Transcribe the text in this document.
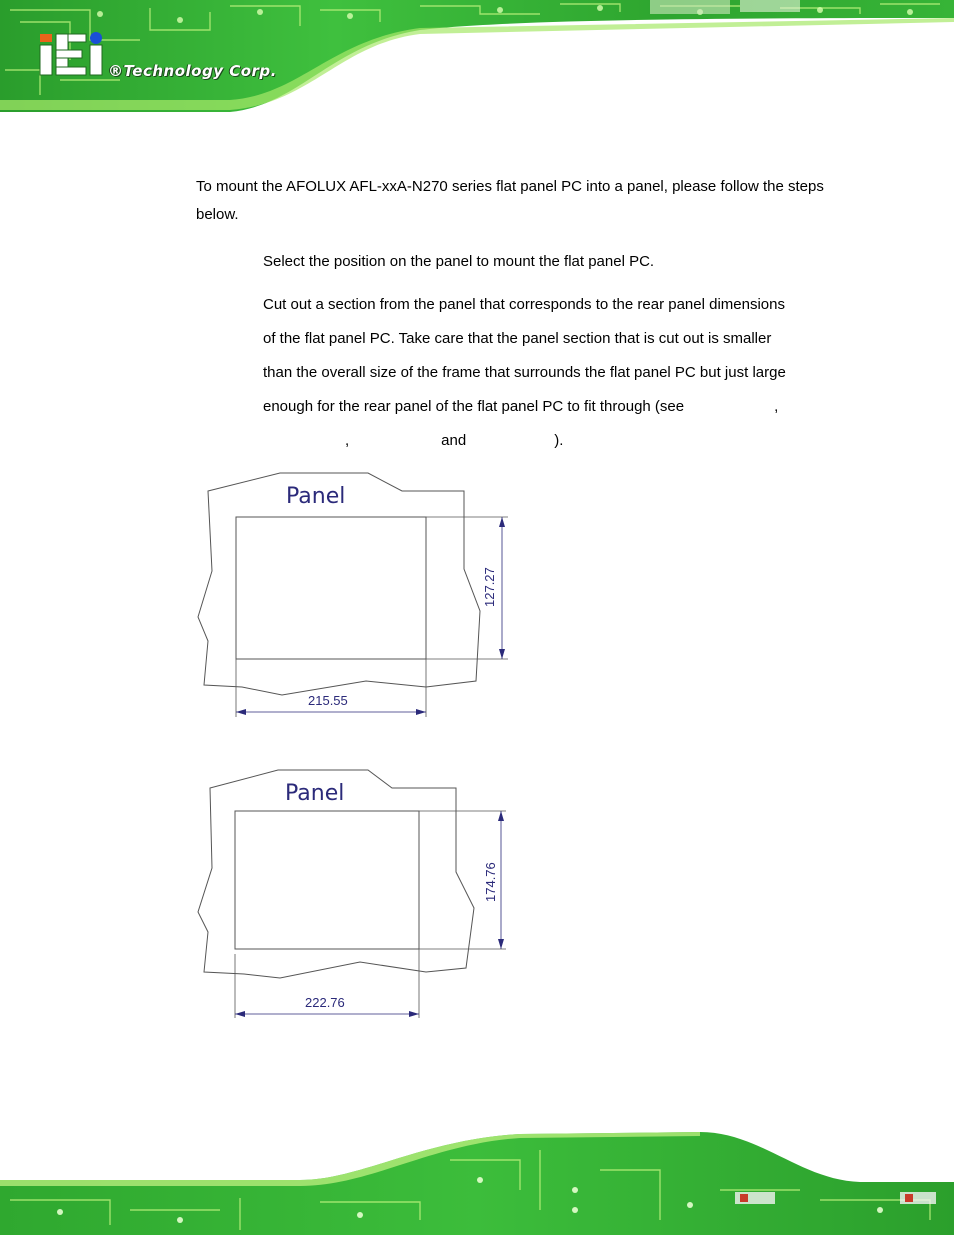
®Technology Corp.
To mount the AFOLUX AFL-xxA-N270 series flat panel PC into a panel, please follow the steps below.
Select the position on the panel to mount the flat panel PC.
Cut out a section from the panel that corresponds to the rear panel dimensions
of the flat panel PC. Take care that the panel section that is cut out is smaller
than the overall size of the frame that surrounds the flat panel PC but just large
enough for the rear panel of the flat panel PC to fit through (see	,
,	and	).
Panel
215.55
127.27
Panel
222.76
174.76
